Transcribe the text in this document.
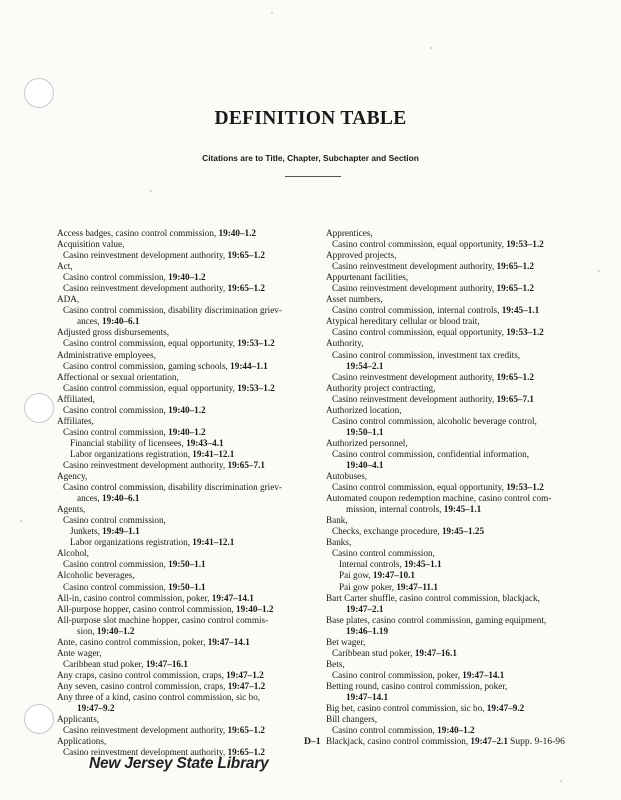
DEFINITION TABLE
Citations are to Title, Chapter, Subchapter and Section
Access badges, casino control commission, 19:40–1.2
Acquisition value,
Casino reinvestment development authority, 19:65–1.2
Act,
Casino control commission, 19:40–1.2
Casino reinvestment development authority, 19:65–1.2
ADA,
Casino control commission, disability discrimination griev-
ances, 19:40–6.1
Adjusted gross disbursements,
Casino control commission, equal opportunity, 19:53–1.2
Administrative employees,
Casino control commission, gaming schools, 19:44–1.1
Affectional or sexual orientation,
Casino control commission, equal opportunity, 19:53–1.2
Affiliated,
Casino control commission, 19:40–1.2
Affiliates,
Casino control commission, 19:40–1.2
Financial stability of licensees, 19:43–4.1
Labor organizations registration, 19:41–12.1
Casino reinvestment development authority, 19:65–7.1
Agency,
Casino control commission, disability discrimination griev-
ances, 19:40–6.1
Agents,
Casino control commission,
Junkets, 19:49–1.1
Labor organizations registration, 19:41–12.1
Alcohol,
Casino control commission, 19:50–1.1
Alcoholic beverages,
Casino control commission, 19:50–1.1
All-in, casino control commission, poker, 19:47–14.1
All-purpose hopper, casino control commission, 19:40–1.2
All-purpose slot machine hopper, casino control commis-
sion, 19:40–1.2
Ante, casino control commission, poker, 19:47–14.1
Ante wager,
Caribbean stud poker, 19:47–16.1
Any craps, casino control commission, craps, 19:47–1.2
Any seven, casino control commission, craps, 19:47–1.2
Any three of a kind, casino control commission, sic bo,
19:47–9.2
Applicants,
Casino reinvestment development authority, 19:65–1.2
Applications,
Casino reinvestment development authority, 19:65–1.2
Apprentices,
Casino control commission, equal opportunity, 19:53–1.2
Approved projects,
Casino reinvestment development authority, 19:65–1.2
Appurtenant facilities,
Casino reinvestment development authority, 19:65–1.2
Asset numbers,
Casino control commission, internal controls, 19:45–1.1
Atypical hereditary cellular or blood trait,
Casino control commission, equal opportunity, 19:53–1.2
Authority,
Casino control commission, investment tax credits,
19:54–2.1
Casino reinvestment development authority, 19:65–1.2
Authority project contracting,
Casino reinvestment development authority, 19:65–7.1
Authorized location,
Casino control commission, alcoholic beverage control,
19:50–1.1
Authorized personnel,
Casino control commission, confidential information,
19:40–4.1
Autobuses,
Casino control commission, equal opportunity, 19:53–1.2
Automated coupon redemption machine, casino control com-
mission, internal controls, 19:45–1.1
Bank,
Checks, exchange procedure, 19:45–1.25
Banks,
Casino control commission,
Internal controls, 19:45–1.1
Pai gow, 19:47–10.1
Pai gow poker, 19:47–11.1
Bart Carter shuffle, casino control commission, blackjack,
19:47–2.1
Base plates, casino control commission, gaming equipment,
19:46–1.19
Bet wager,
Caribbean stud poker, 19:47–16.1
Bets,
Casino control commission, poker, 19:47–14.1
Betting round, casino control commission, poker,
19:47–14.1
Big bet, casino control commission, sic bo, 19:47–9.2
Bill changers,
Casino control commission, 19:40–1.2
Blackjack, casino control commission, 19:47–2.1
D–1	Supp. 9-16-96
New Jersey State Library
